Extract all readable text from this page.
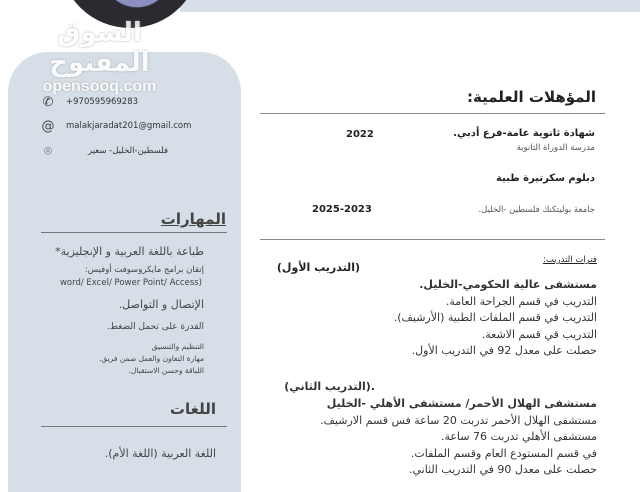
السوق المفتوح
opensooq.com
✆ +970595969283
@ malakjaradat201@gmail.com
⌾	فلسطين-الخليل- سعير
المهارات
طباعة باللغة العربية و الإنجليزية*
إتقان برامج مايكروسوفت أوفيس:
word/ Excel/ Power Point/ Access)
الإتصال و التواصل.
القدرة على تحمل الضغط.
التنظيم والتنسيق
مهارة التعاون والعمل ضمن فريق.
اللباقة وحسن الاستقبال.
اللغات
اللغة العربية (اللغة الأم).
المؤهلات العلمية:
شهادة ثانوية عامة-فرع أدبي.
2022
مدرسة الدوراة الثانوية
دبلوم سكرتيرة طبية
جامعة بوليتكنك فلسطين -الخليل.
2025-2023
فترات التدريب:
(التدريب الأول)
مستشفى عالية الحكومي-الخليل.
التدريب في قسم الجراحة العامة.
التدريب في قسم الملفات الطبية (الأرشيف).
التدريب قي قسم الاشعة.
حصلت على معدل 92 في التدريب الأول.
.(التدريب الثاني)
مستشفى الهلال الأحمر/ مستشفى الأهلي -الخليل
مستشفى الهلال الأحمر تدربت 20 ساعة فس قسم الارشيف.
مستشفى الأهلي تدربت 76 ساعة.
في قسم المستودع العام وقسم الملفات.
حصلت على معدل 90 في التدريب الثاني.
